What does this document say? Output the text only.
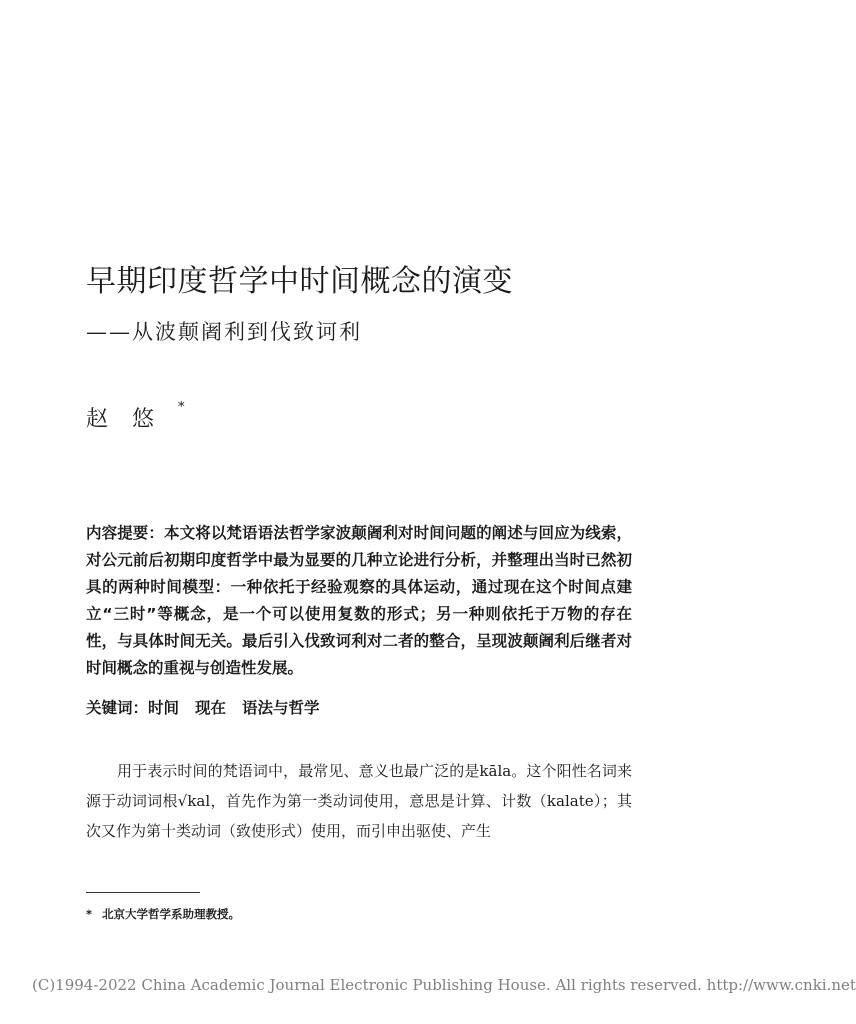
早期印度哲学中时间概念的演变
——从波颠阇利到伐致诃利
赵悠*

内容提要：本文将以梵语语法哲学家波颠阇利对时间问题的阐述与回应为线索，对公元前后初期印度哲学中最为显要的几种立论进行分析，并整理出当时已然初具的两种时间模型：一种依托于经验观察的具体运动，通过现在这个时间点建立“三时”等概念，是一个可以使用复数的形式；另一种则依托于万物的存在性，与具体时间无关。最后引入伐致诃利对二者的整合，呈现波颠阇利后继者对时间概念的重视与创造性发展。

关键词：时间 现在 语法与哲学

用于表示时间的梵语词中，最常见、意义也最广泛的是kāla。这个阳性名词来源于动词词根√kal，首先作为第一类动词使用，意思是计算、计数（kalate）；其次又作为第十类动词（致使形式）使用，而引申出驱使、产生

* 北京大学哲学系助理教授。

(C)1994-2022 China Academic Journal Electronic Publishing House. All rights reserved. http://www.cnki.net
